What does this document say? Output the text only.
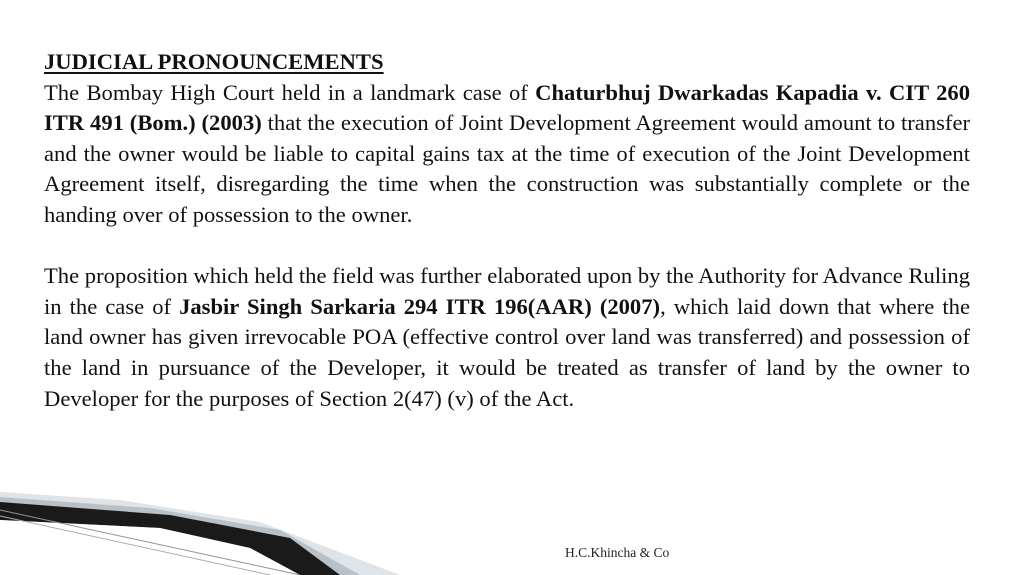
JUDICIAL PRONOUNCEMENTS

The Bombay High Court held in a landmark case of Chaturbhuj Dwarkadas Kapadia v. CIT 260 ITR 491 (Bom.) (2003) that the execution of Joint Development Agreement would amount to transfer and the owner would be liable to capital gains tax at the time of execution of the Joint Development Agreement itself, disregarding the time when the construction was substantially complete or the handing over of possession to the owner.

The proposition which held the field was further elaborated upon by the Authority for Advance Ruling in the case of Jasbir Singh Sarkaria 294 ITR 196(AAR) (2007), which laid down that where the land owner has given irrevocable POA (effective control over land was transferred) and possession of the land in pursuance of the Developer, it would be treated as transfer of land by the owner to Developer for the purposes of Section 2(47) (v) of the Act.

H.C.Khincha & Co
